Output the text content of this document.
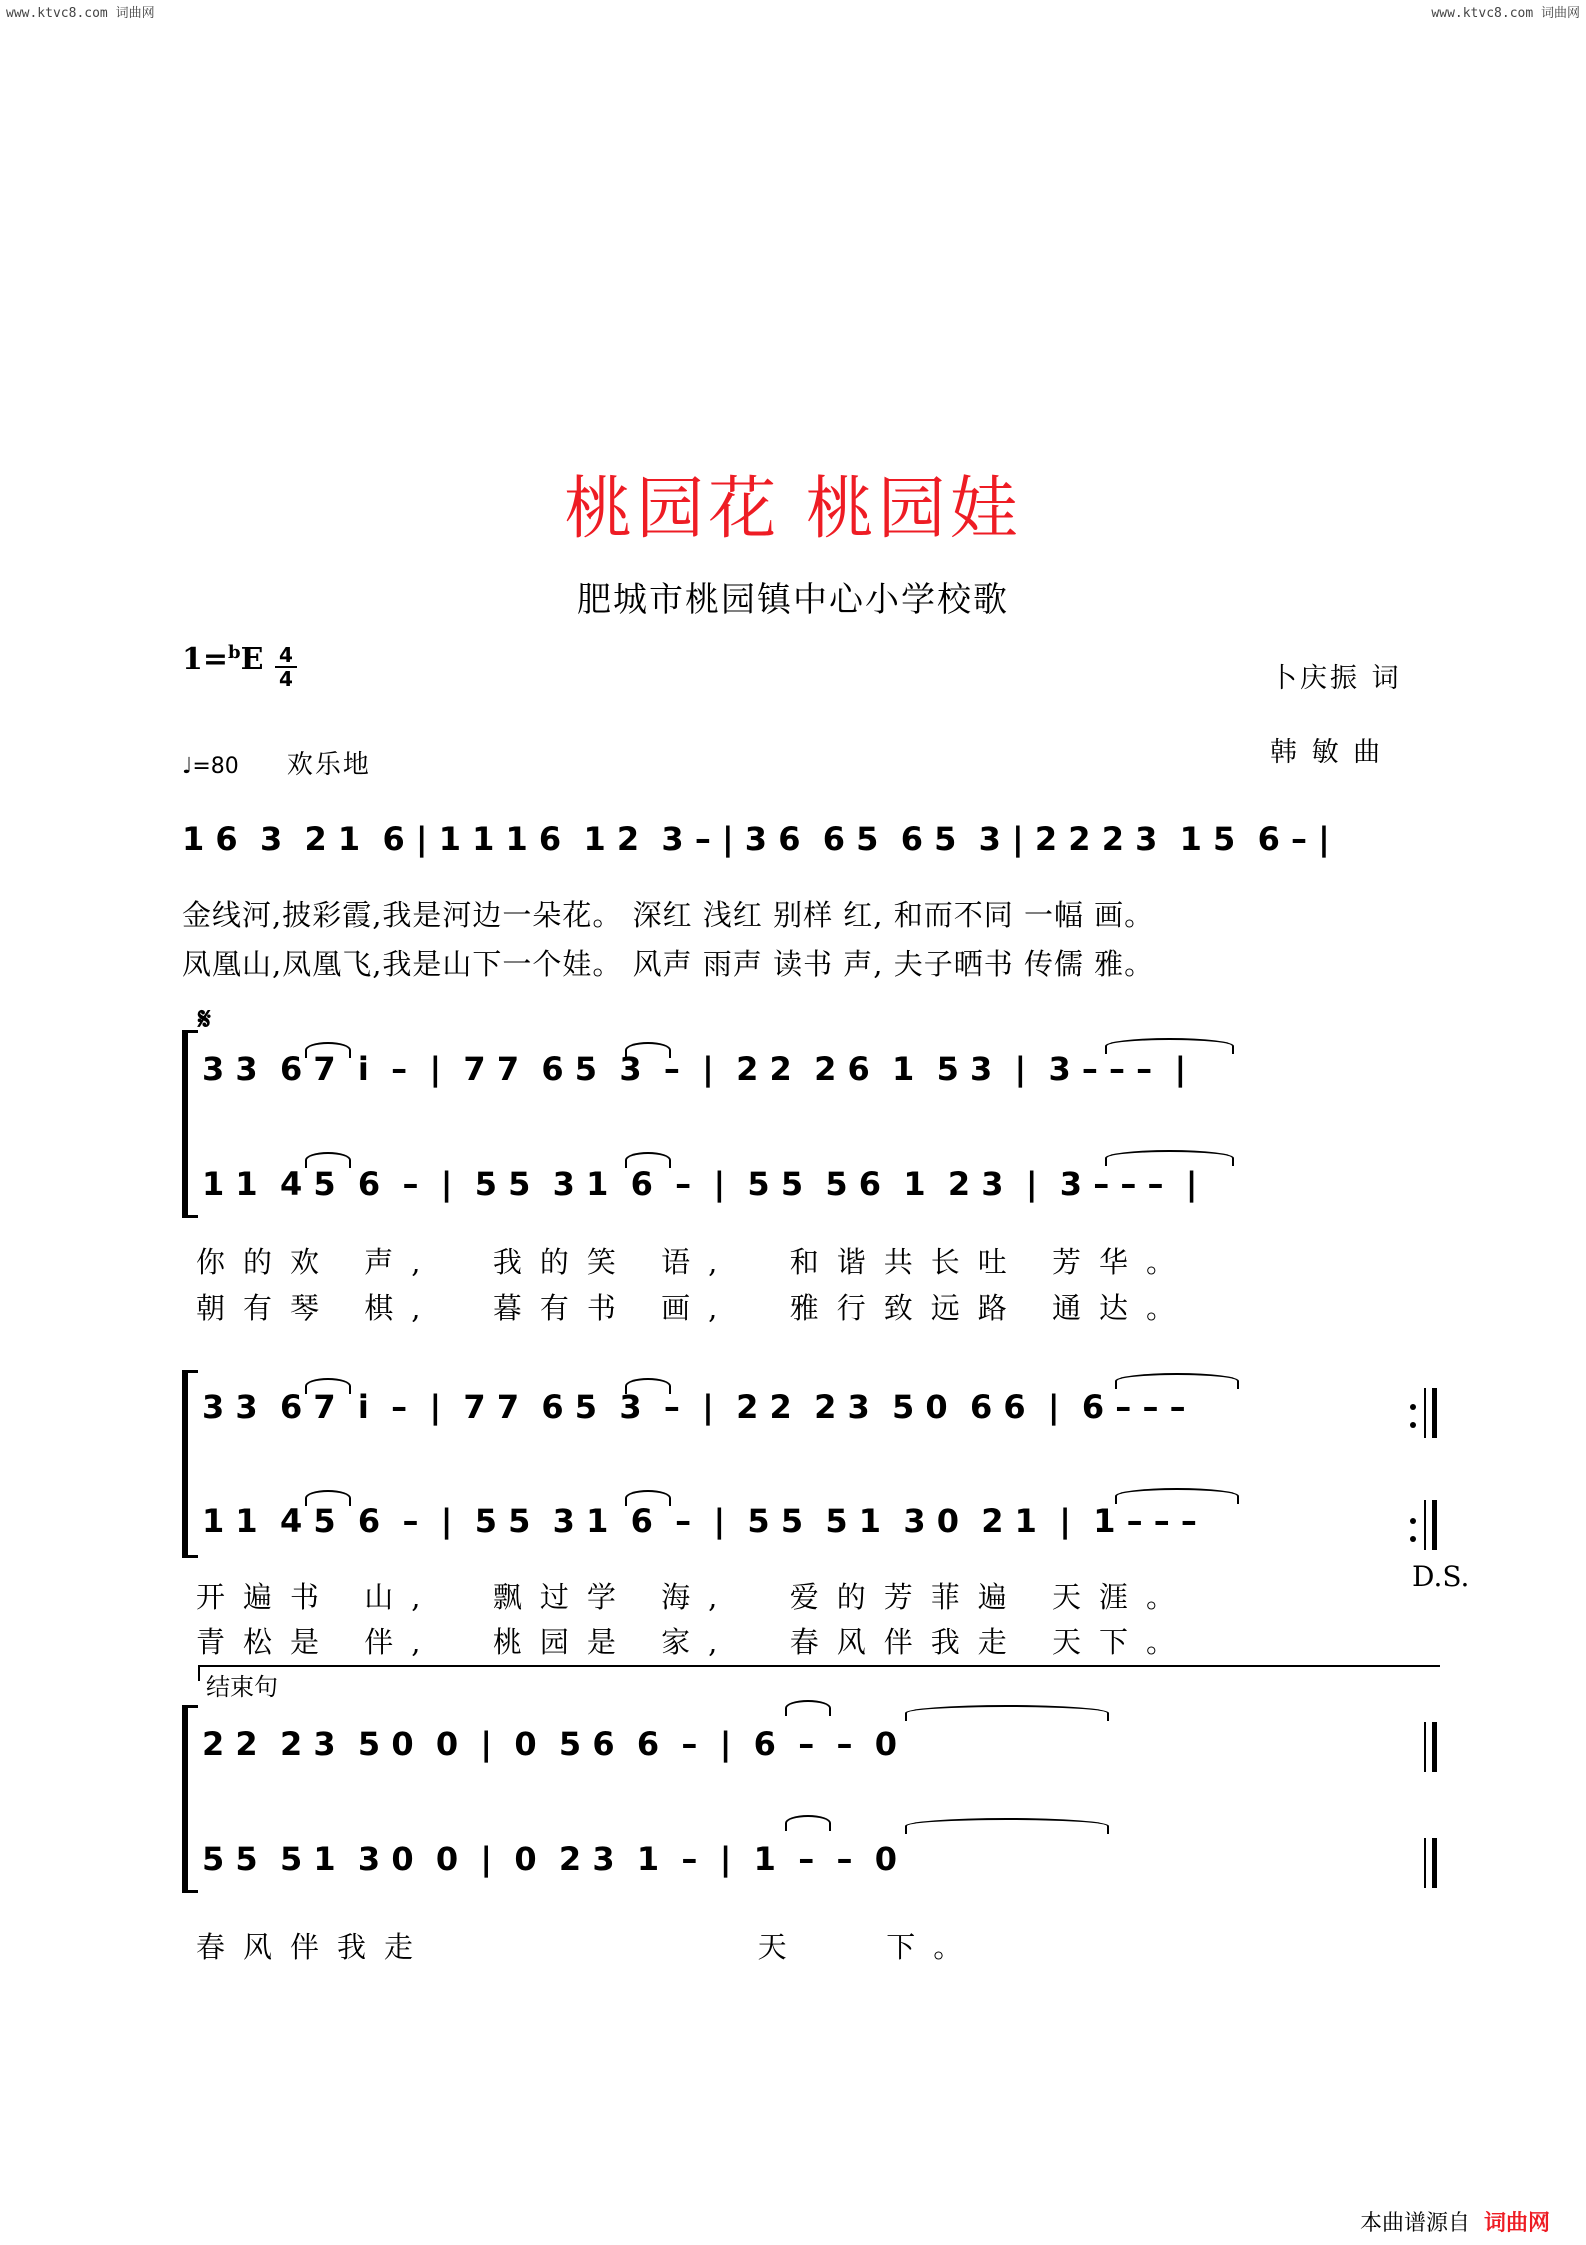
www.ktvc8.com 词曲网	www.ktvc8.com 词曲网
桃园花 桃园娃
肥城市桃园镇中心小学校歌
1=$^b$E 4
4	卜庆振 词
韩 敏 曲
♩=80 欢乐地
1 6  3  2 1  6 | 1 1 1 6  1 2  3 – | 3 6  6 5  6 5  3 | 2 2 2 3  1 5  6 – |
金线河,披彩霞,我是河边一朵花。 深红 浅红 别样 红, 和而不同 一幅 画。
凤凰山,凤凰飞,我是山下一个娃。 风声 雨声 读书 声, 夫子晒书 传儒 雅。
𝄋
3 3  6 7  i  –  |  7 7  6 5  3  –  |  2 2  2 6  1  5 3  |  3 – – –  |
1 1  4 5  6  –  |  5 5  3 1  6  –  |  5 5  5 6  1  2 3  |  3 – – –  |
你的欢 声,  我的笑 语,  和谐共长吐 芳华。
朝有琴 棋,  暮有书 画,  雅行致远路 通达。
3 3  6 7  i  –  |  7 7  6 5  3  –  |  2 2  2 3  5 0  6 6  |  6 – – –
1 1  4 5  6  –  |  5 5  3 1  6  –  |  5 5  5 1  3 0  2 1  |  1 – – –
D.S.
开遍书 山,  飘过学 海,  爱的芳菲遍 天涯。
青松是 伴,  桃园是 家,  春风伴我走 天下。
结束句
2 2  2 3  5 0  0  |  0  5 6  6  –  |  6  –  –  0
5 5  5 1  3 0  0  |  0  2 3  1  –  |  1  –  –  0
春风伴我走            天   下。
本曲谱源自 词曲网
